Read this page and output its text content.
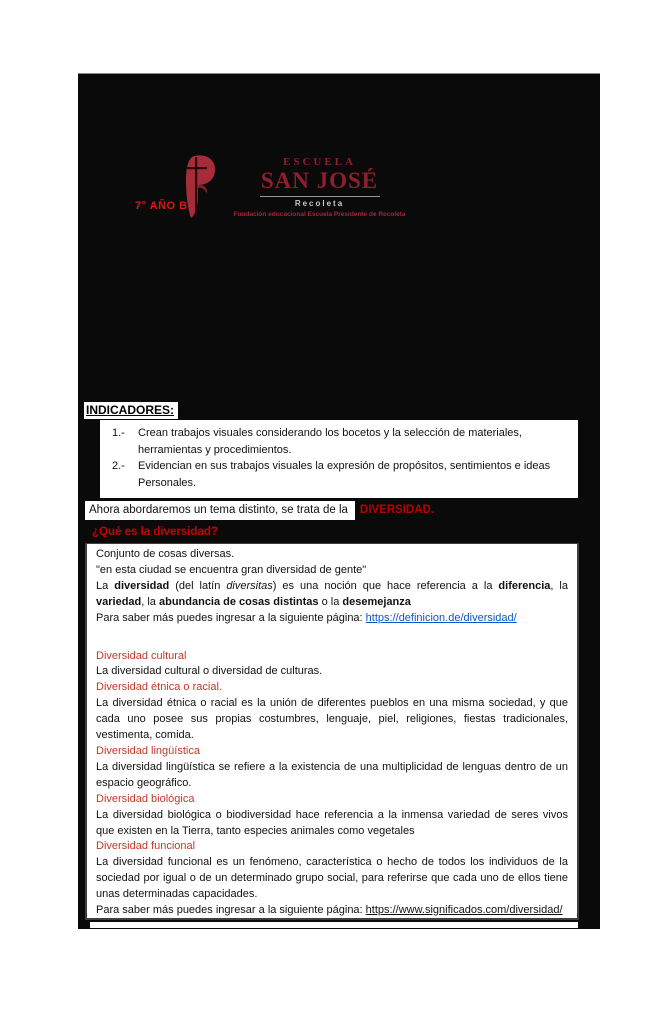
ESCUELA
SAN JOSÉ
Recoleta
Fundación educacional Escuela Presidente de Recoleta
7° AÑO B
INDICADORES:
1.-	Crean trabajos visuales considerando los bocetos y la selección de materiales, herramientas y procedimientos.
2.-	Evidencian en sus trabajos visuales la expresión de propósitos, sentimientos e ideas Personales.
Ahora abordaremos un tema distinto, se trata de la	DIVERSIDAD.
¿Qué es la diversidad?

Conjunto de cosas diversas.

"en esta ciudad se encuentra gran diversidad de gente"

La diversidad (del latín diversitas) es una noción que hace referencia a la diferencia, la variedad, la abundancia de cosas distintas o la desemejanza

Para saber más puedes ingresar a la siguiente página: https://definicion.de/diversidad/

Diversidad cultural

La diversidad cultural o diversidad de culturas.

Diversidad étnica o racial.

La diversidad étnica o racial es la unión de diferentes pueblos en una misma sociedad, y que cada uno posee sus propias costumbres, lenguaje, piel, religiones, fiestas tradicionales, vestimenta, comida.

Diversidad lingüística

La diversidad lingüística se refiere a la existencia de una multiplicidad de lenguas dentro de un espacio geográfico.

Diversidad biológica

La diversidad biológica o biodiversidad hace referencia a la inmensa variedad de seres vivos que existen en la Tierra, tanto especies animales como vegetales

Diversidad funcional

La diversidad funcional es un fenómeno, característica o hecho de todos los individuos de la sociedad por igual o de un determinado grupo social, para referirse que cada uno de ellos tiene unas determinadas capacidades.

Para saber más puedes ingresar a la siguiente página: https://www.significados.com/diversidad/
